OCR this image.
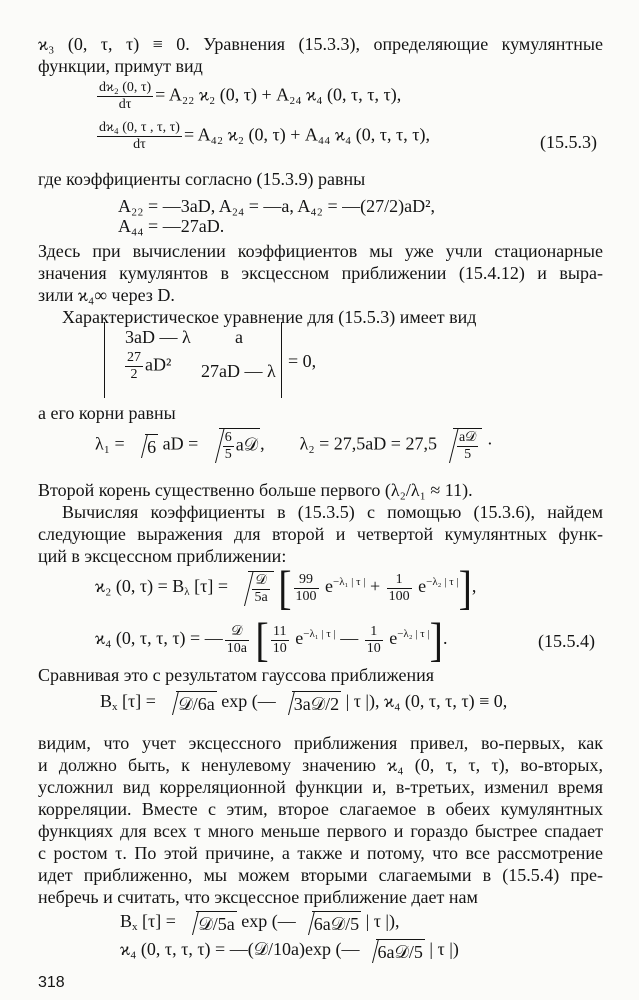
ϰ₃ (0, τ, τ) ≡ 0. Уравнения (15.3.3), определяющие кумулянтные
функции, примут вид
$\frac{\text{dϰ₂ (0, τ)}}{d\tau} = A_{22}$ ϰ₂ (0, τ) + A₂₄ ϰ₄ (0, τ, τ, τ),
$\frac{\text{dϰ₄ (0, τ , τ, τ)}}{d\tau} = A_{42}$ ϰ₂ (0, τ) + A₄₄ ϰ₄ (0, τ, τ, τ),	(15.5.3)
где коэффициенты согласно (15.3.9) равны
A₂₂ = —3aD, A₂₄ = —a, A₄₂ = —(27/2)aD²,
A₄₄ = —27aD.
Здесь при вычислении коэффициентов мы уже учли стационарные
значения кумулянтов в эксцессном приближении (15.4.12) и выра-
зили ϰ₄∞ через D.
Характеристическое уравнение для (15.5.3) имеет вид
3aD — λ a
$\frac{27}{2} aD^2$ 27aD — λ = 0,
а его корни равны
λ₁ = 6 aD = $\frac{6}{5}$ a𝒟 ,  $\lambda_2 = 27,5aD = 27,5 \frac{\text{a𝒟}}{5}$ ·
Второй корень существенно больше первого (λ₂/λ₁ ≈ 11).
Вычисляя коэффициенты в (15.3.5) с помощью (15.3.6), найдем
следующие выражения для второй и четвертой кумулянтных функ-
ций в эксцессном приближении:
ϰ₂ (0, $\tau) = B_\lambda$ $[\tau] = \frac{\text{𝒟}}{5a}$ [ $\frac{99}{100} e^{-\lambda_1 | \tau |} + \frac{1}{100} e^{-\lambda_2 | \tau |}$],
ϰ₄ (0, τ, τ, τ) = — $\frac{\text{𝒟}}{10a}$ [ $\frac{11}{10} e^{-\lambda_1 | \tau |}$ — $\frac{1}{10} e^{-\lambda_2 | \tau |}$].	(15.5.4)
Сравнивая это с результатом гауссова приближения
$B_x$ [τ] = 𝒟/6a exp (— 3a𝒟/2 | τ |), ϰ₄ (0, τ, τ, τ) ≡ 0,
видим, что учет эксцессного приближения привел, во-первых, как
и должно быть, к ненулевому значению ϰ₄ (0, τ, τ, τ), во-вторых,
усложнил вид корреляционной функции и, в-третьих, изменил время
корреляции. Вместе с этим, второе слагаемое в обеих кумулянтных
функциях для всех τ много меньше первого и гораздо быстрее спадает
с ростом τ. По этой причине, а также и потому, что все рассмотрение
идет приближенно, мы можем вторыми слагаемыми в (15.5.4) пре-
небречь и считать, что эксцессное приближение дает нам
$B_x$ [τ] = 𝒟/5a exp (— 6a𝒟/5 | τ |),
ϰ₄ (0, τ, τ, τ) = —(𝒟/10a)exp (— 6a𝒟/5 | τ |)
318
